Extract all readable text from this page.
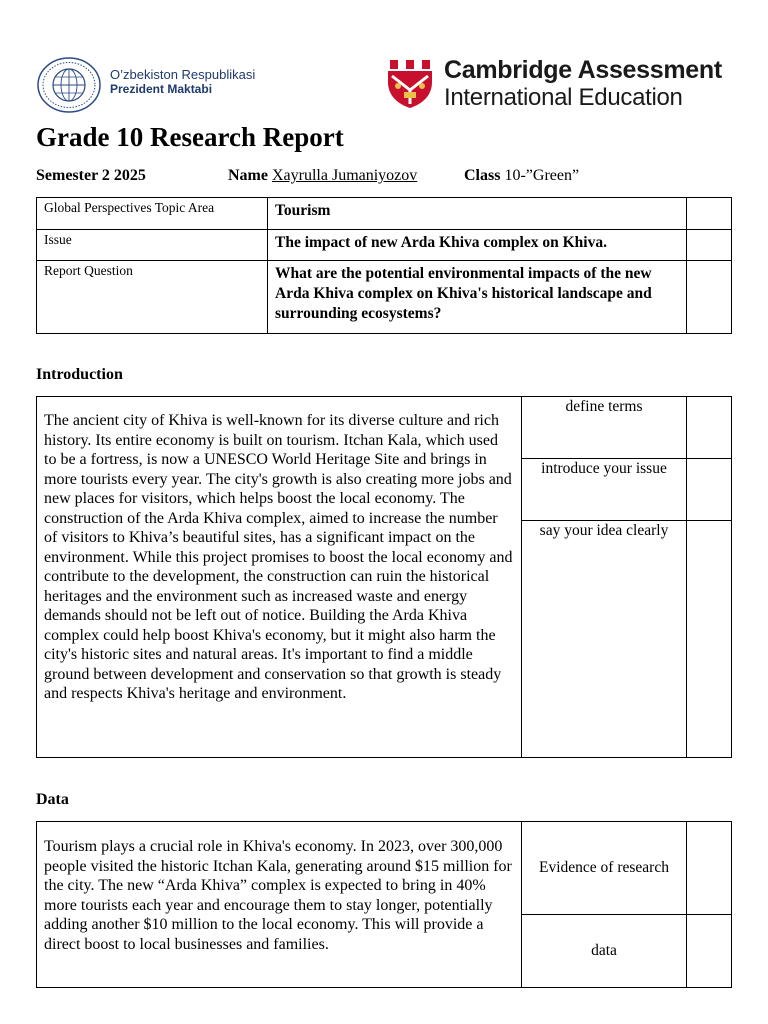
O’zbekiston Respublikasi
Prezident Maktabi
Cambridge Assessment
International Education
Grade 10 Research Report
Semester 2 2025	Name Xayrulla Jumaniyozov	Class 10-”Green”
Global Perspectives Topic Area	Tourism	
Issue	The impact of new Arda Khiva complex on Khiva.	
Report Question	What are the potential environmental impacts of the new Arda Khiva complex on Khiva's historical landscape and surrounding ecosystems?	
Introduction
The ancient city of Khiva is well-known for its diverse culture and rich history. Its entire economy is built on tourism. Itchan Kala, which used to be a fortress, is now a UNESCO World Heritage Site and brings in more tourists every year. The city's growth is also creating more jobs and new places for visitors, which helps boost the local economy. The construction of the Arda Khiva complex, aimed to increase the number of visitors to Khiva’s beautiful sites, has a significant impact on the environment. While this project promises to boost the local economy and contribute to the development, the construction can ruin the historical heritages and the environment such as increased waste and energy demands should not be left out of notice. Building the Arda Khiva complex could help boost Khiva's economy, but it might also harm the city's historic sites and natural areas. It's important to find a middle ground between development and conservation so that growth is steady and respects Khiva's heritage and environment.	define terms	
	introduce your issue	
	say your idea clearly	
Data
Tourism plays a crucial role in Khiva's economy. In 2023, over 300,000 people visited the historic Itchan Kala, generating around $15 million for the city. The new “Arda Khiva” complex is expected to bring in 40% more tourists each year and encourage them to stay longer, potentially adding another $10 million to the local economy. This will provide a direct boost to local businesses and families.	Evidence of research	
	data	
